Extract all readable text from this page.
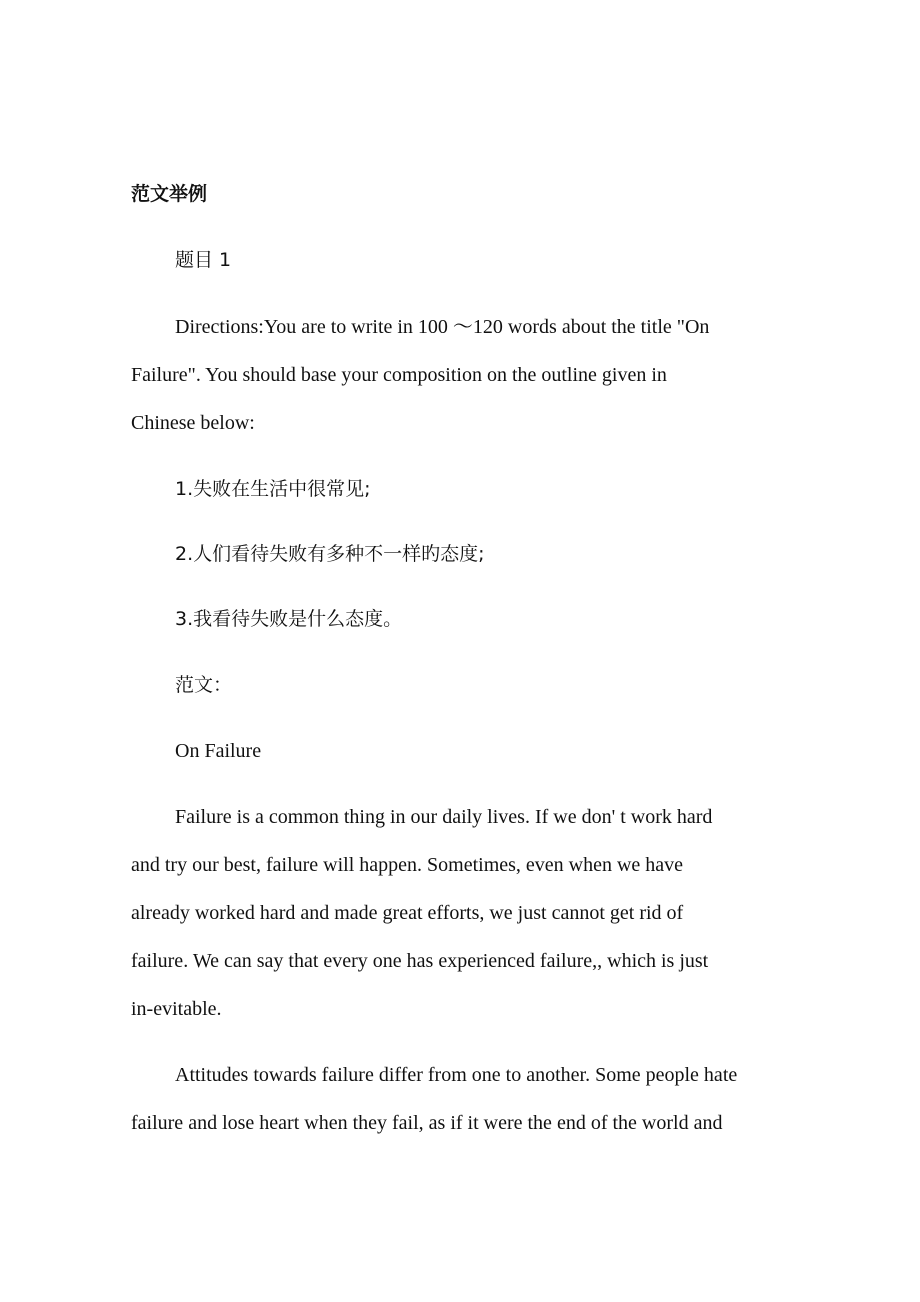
范文举例
题目 1
Directions:You are to write in 100 ～120 words about the title "On
Failure". You should base your composition on the outline given in
Chinese below:
1.失败在生活中很常见;
2.人们看待失败有多种不一样旳态度;
3.我看待失败是什么态度。
范文：
On Failure
Failure is a common thing in our daily lives. If we don' t work hard
and try our best, failure will happen. Sometimes, even when we have
already worked hard and made great efforts, we just cannot get rid of
failure. We can say that every one has experienced failure,, which is just
in-evitable.
Attitudes towards failure differ from one to another. Some people hate
failure and lose heart when they fail, as if it were the end of the world and
